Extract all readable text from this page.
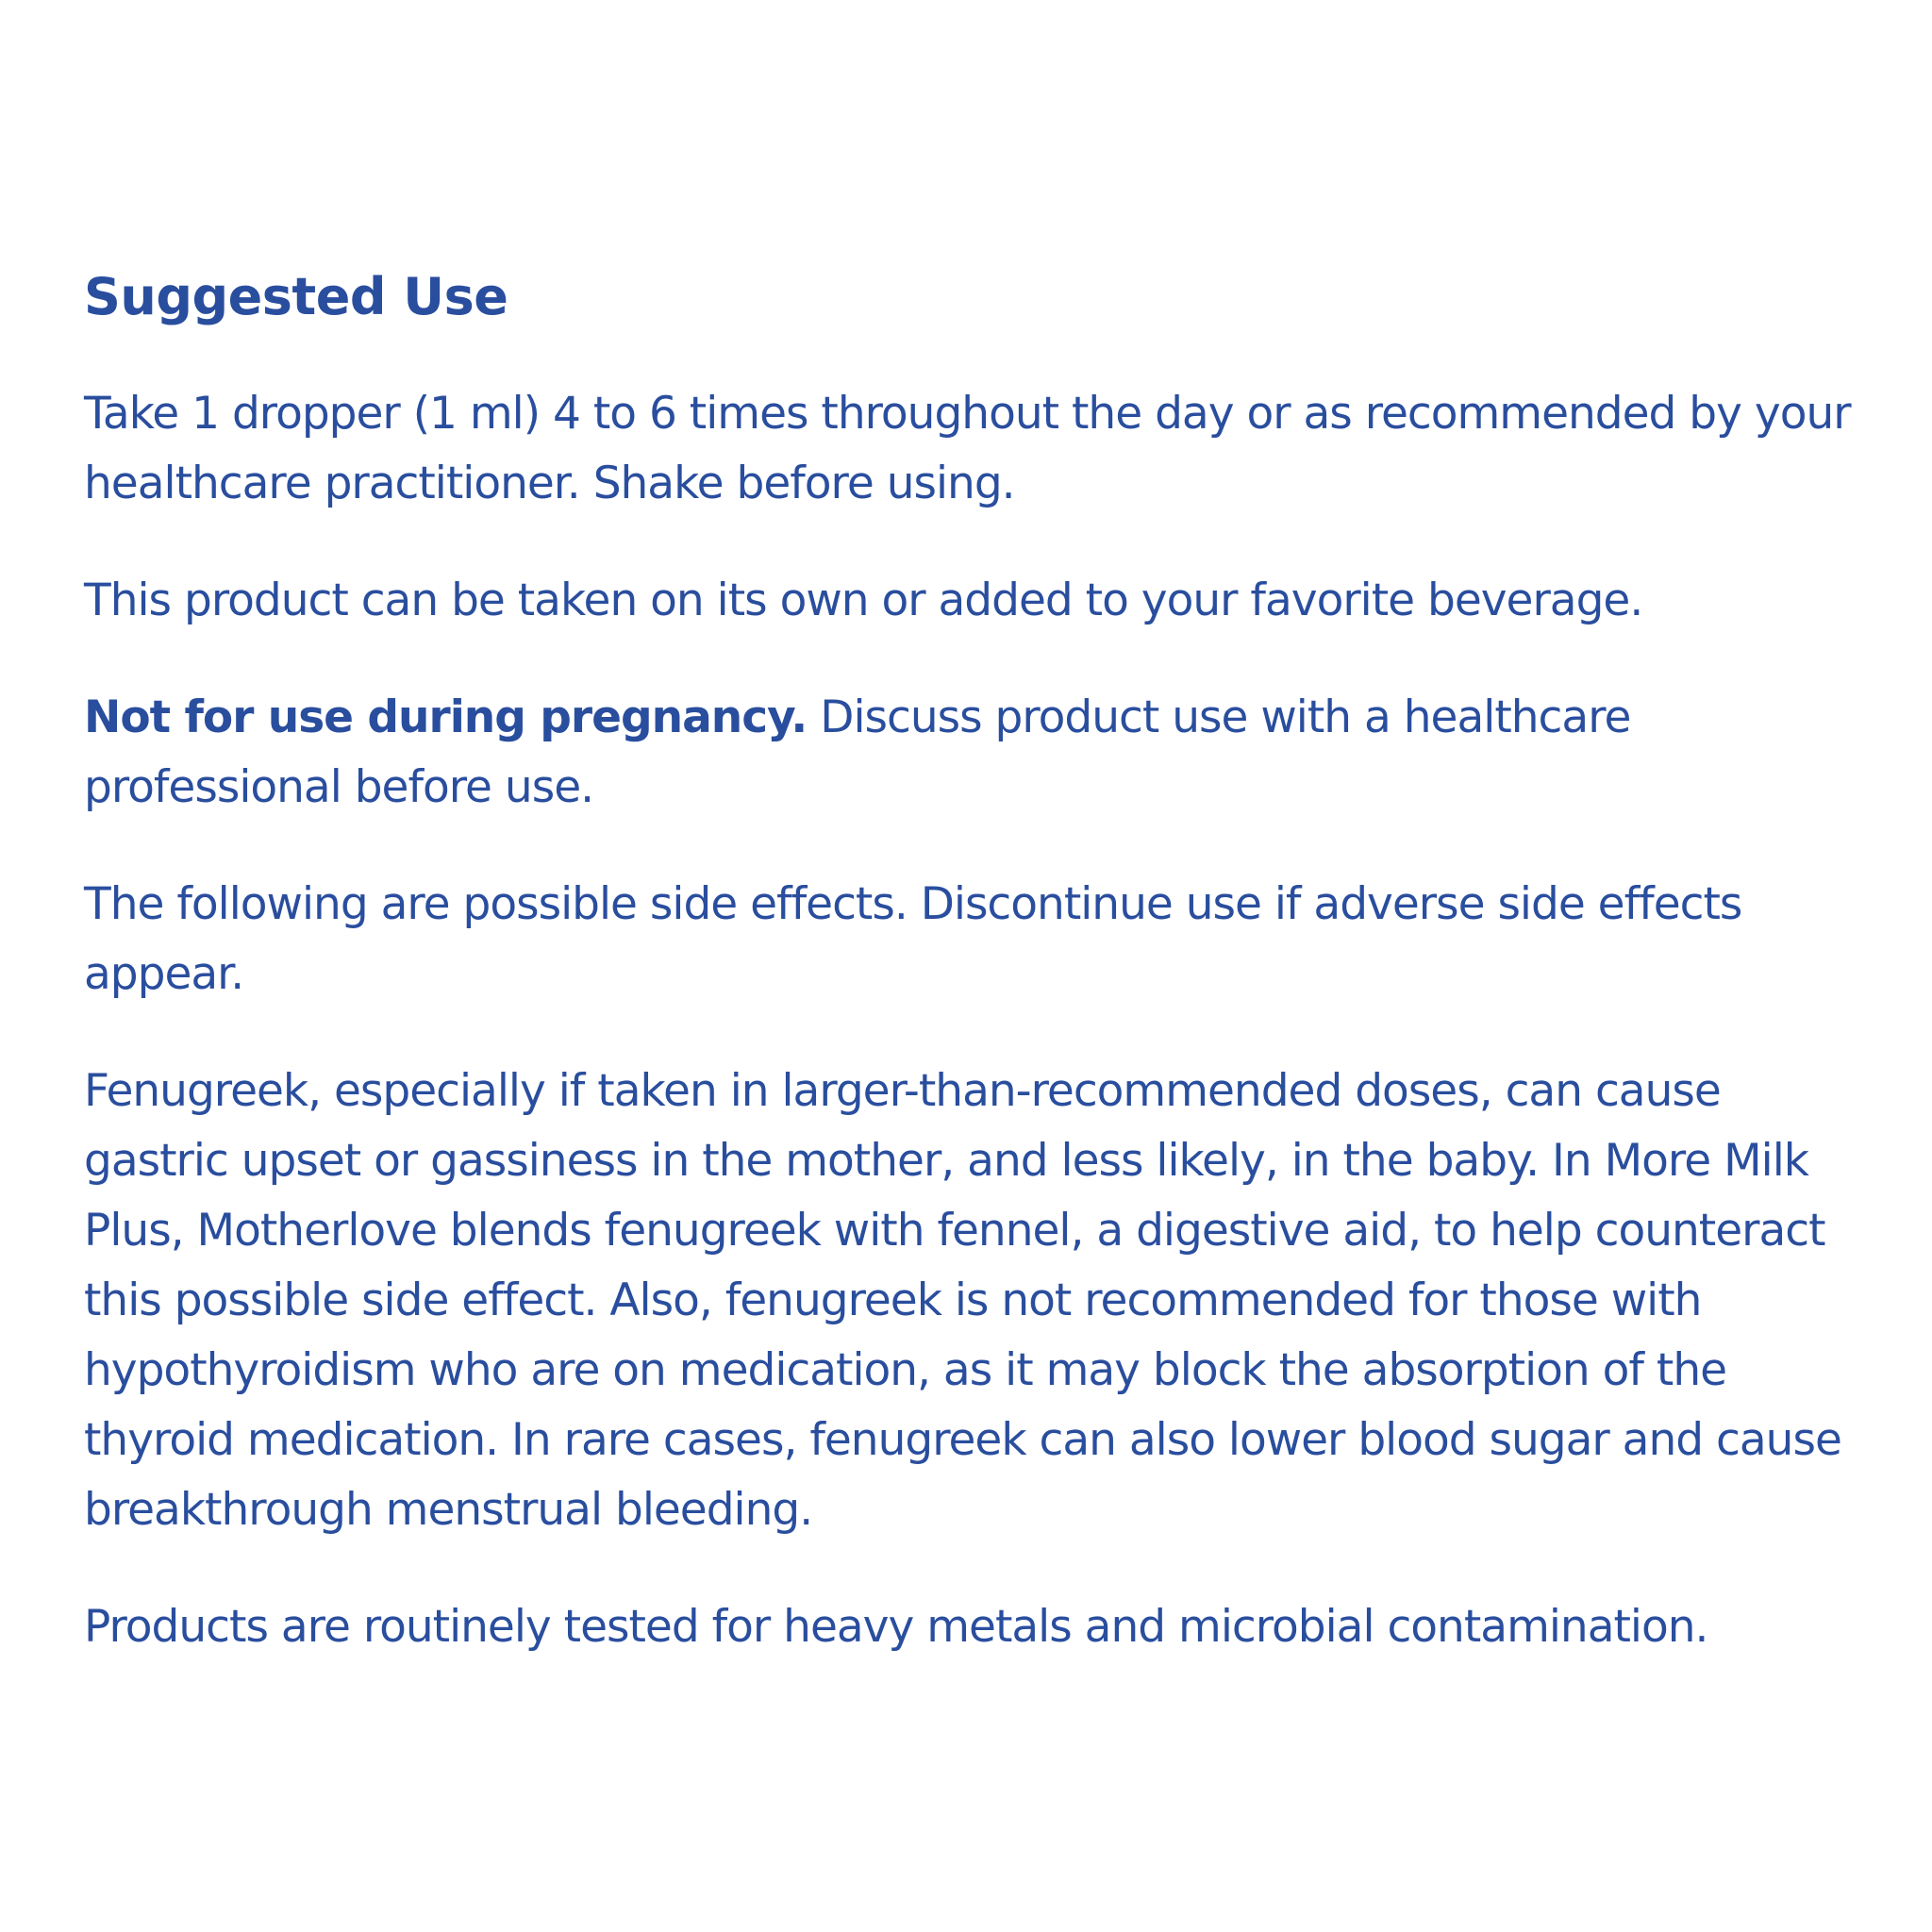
Suggested Use

Take 1 dropper (1 ml) 4 to 6 times throughout the day or as recommended by your healthcare practitioner. Shake before using.

This product can be taken on its own or added to your favorite beverage.

Not for use during pregnancy. Discuss product use with a healthcare professional before use.

The following are possible side effects. Discontinue use if adverse side effects appear.

Fenugreek, especially if taken in larger-than-recommended doses, can cause gastric upset or gassiness in the mother, and less likely, in the baby. In More Milk Plus, Motherlove blends fenugreek with fennel, a digestive aid, to help counteract this possible side effect. Also, fenugreek is not recommended for those with hypothyroidism who are on medication, as it may block the absorption of the thyroid medication. In rare cases, fenugreek can also lower blood sugar and cause breakthrough menstrual bleeding.

Products are routinely tested for heavy metals and microbial contamination.
